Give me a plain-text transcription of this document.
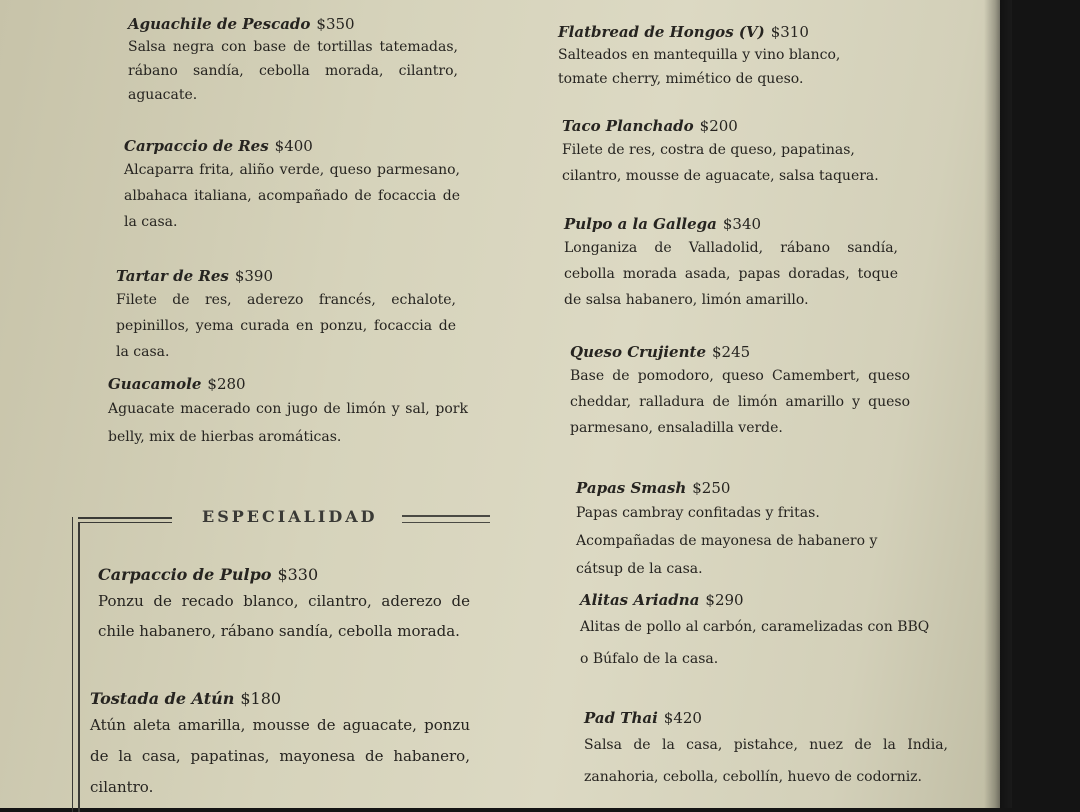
Aguachile de Pescado $350
Salsa negra con base de tortillas tatemadas, rábano sandía, cebolla morada, cilantro, aguacate.
Carpaccio de Res $400
Alcaparra frita, aliño verde, queso parmesano, albahaca italiana, acompañado de focaccia de la casa.
Tartar de Res $390
Filete de res, aderezo francés, echalote, pepinillos, yema curada en ponzu, focaccia de la casa.
Guacamole $280
Aguacate macerado con jugo de limón y sal, pork belly, mix de hierbas aromáticas.
ESPECIALIDAD
Carpaccio de Pulpo $330
Ponzu de recado blanco, cilantro, aderezo de chile habanero, rábano sandía, cebolla morada.
Tostada de Atún $180
Atún aleta amarilla, mousse de aguacate, ponzu de la casa, papatinas, mayonesa de habanero, cilantro.
Flatbread de Hongos (V) $310
Salteados en mantequilla y vino blanco, tomate cherry, mimético de queso.
Taco Planchado $200
Filete de res, costra de queso, papatinas, cilantro, mousse de aguacate, salsa taquera.
Pulpo a la Gallega $340
Longaniza de Valladolid, rábano sandía, cebolla morada asada, papas doradas, toque de salsa habanero, limón amarillo.
Queso Crujiente $245
Base de pomodoro, queso Camembert, queso cheddar, ralladura de limón amarillo y queso parmesano, ensaladilla verde.
Papas Smash $250
Papas cambray confitadas y fritas. Acompañadas de mayonesa de habanero y cátsup de la casa.
Alitas Ariadna $290
Alitas de pollo al carbón, caramelizadas con BBQ o Búfalo de la casa.
Pad Thai $420
Salsa de la casa, pistahce, nuez de la India, zanahoria, cebolla, cebollín, huevo de codorniz.
